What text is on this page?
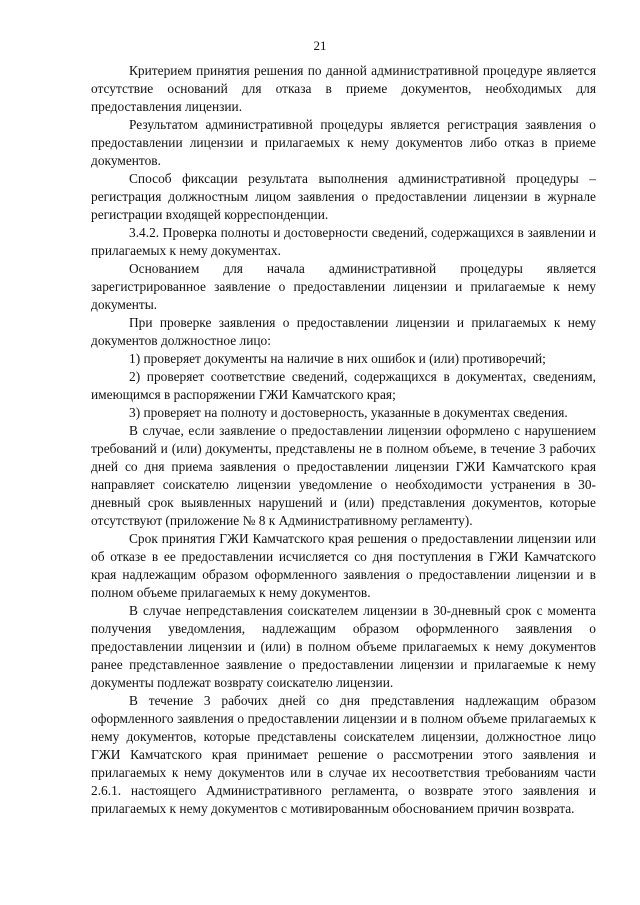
21

Критерием принятия решения по данной административной процедуре является отсутствие оснований для отказа в приеме документов, необходимых для предоставления лицензии.

Результатом административной процедуры является регистрация заявления о предоставлении лицензии и прилагаемых к нему документов либо отказ в приеме документов.

Способ фиксации результата выполнения административной процедуры – регистрация должностным лицом заявления о предоставлении лицензии в журнале регистрации входящей корреспонденции.

3.4.2. Проверка полноты и достоверности сведений, содержащихся в заявлении и прилагаемых к нему документах.

Основанием для начала административной процедуры является зарегистрированное заявление о предоставлении лицензии и прилагаемые к нему документы.

При проверке заявления о предоставлении лицензии и прилагаемых к нему документов должностное лицо:

1) проверяет документы на наличие в них ошибок и (или) противоречий;

2) проверяет соответствие сведений, содержащихся в документах, сведениям, имеющимся в распоряжении ГЖИ Камчатского края;

3) проверяет на полноту и достоверность, указанные в документах сведения.

В случае, если заявление о предоставлении лицензии оформлено с нарушением требований и (или) документы, представлены не в полном объеме, в течение 3 рабочих дней со дня приема заявления о предоставлении лицензии ГЖИ Камчатского края направляет соискателю лицензии уведомление о необходимости устранения в 30-дневный срок выявленных нарушений и (или) представления документов, которые отсутствуют (приложение № 8 к Административному регламенту).

Срок принятия ГЖИ Камчатского края решения о предоставлении лицензии или об отказе в ее предоставлении исчисляется со дня поступления в ГЖИ Камчатского края надлежащим образом оформленного заявления о предоставлении лицензии и в полном объеме прилагаемых к нему документов.

В случае непредставления соискателем лицензии в 30-дневный срок с момента получения уведомления, надлежащим образом оформленного заявления о предоставлении лицензии и (или) в полном объеме прилагаемых к нему документов ранее представленное заявление о предоставлении лицензии и прилагаемые к нему документы подлежат возврату соискателю лицензии.

В течение 3 рабочих дней со дня представления надлежащим образом оформленного заявления о предоставлении лицензии и в полном объеме прилагаемых к нему документов, которые представлены соискателем лицензии, должностное лицо ГЖИ Камчатского края принимает решение о рассмотрении этого заявления и прилагаемых к нему документов или в случае их несоответствия требованиям части 2.6.1. настоящего Административного регламента, о возврате этого заявления и прилагаемых к нему документов с мотивированным обоснованием причин возврата.
